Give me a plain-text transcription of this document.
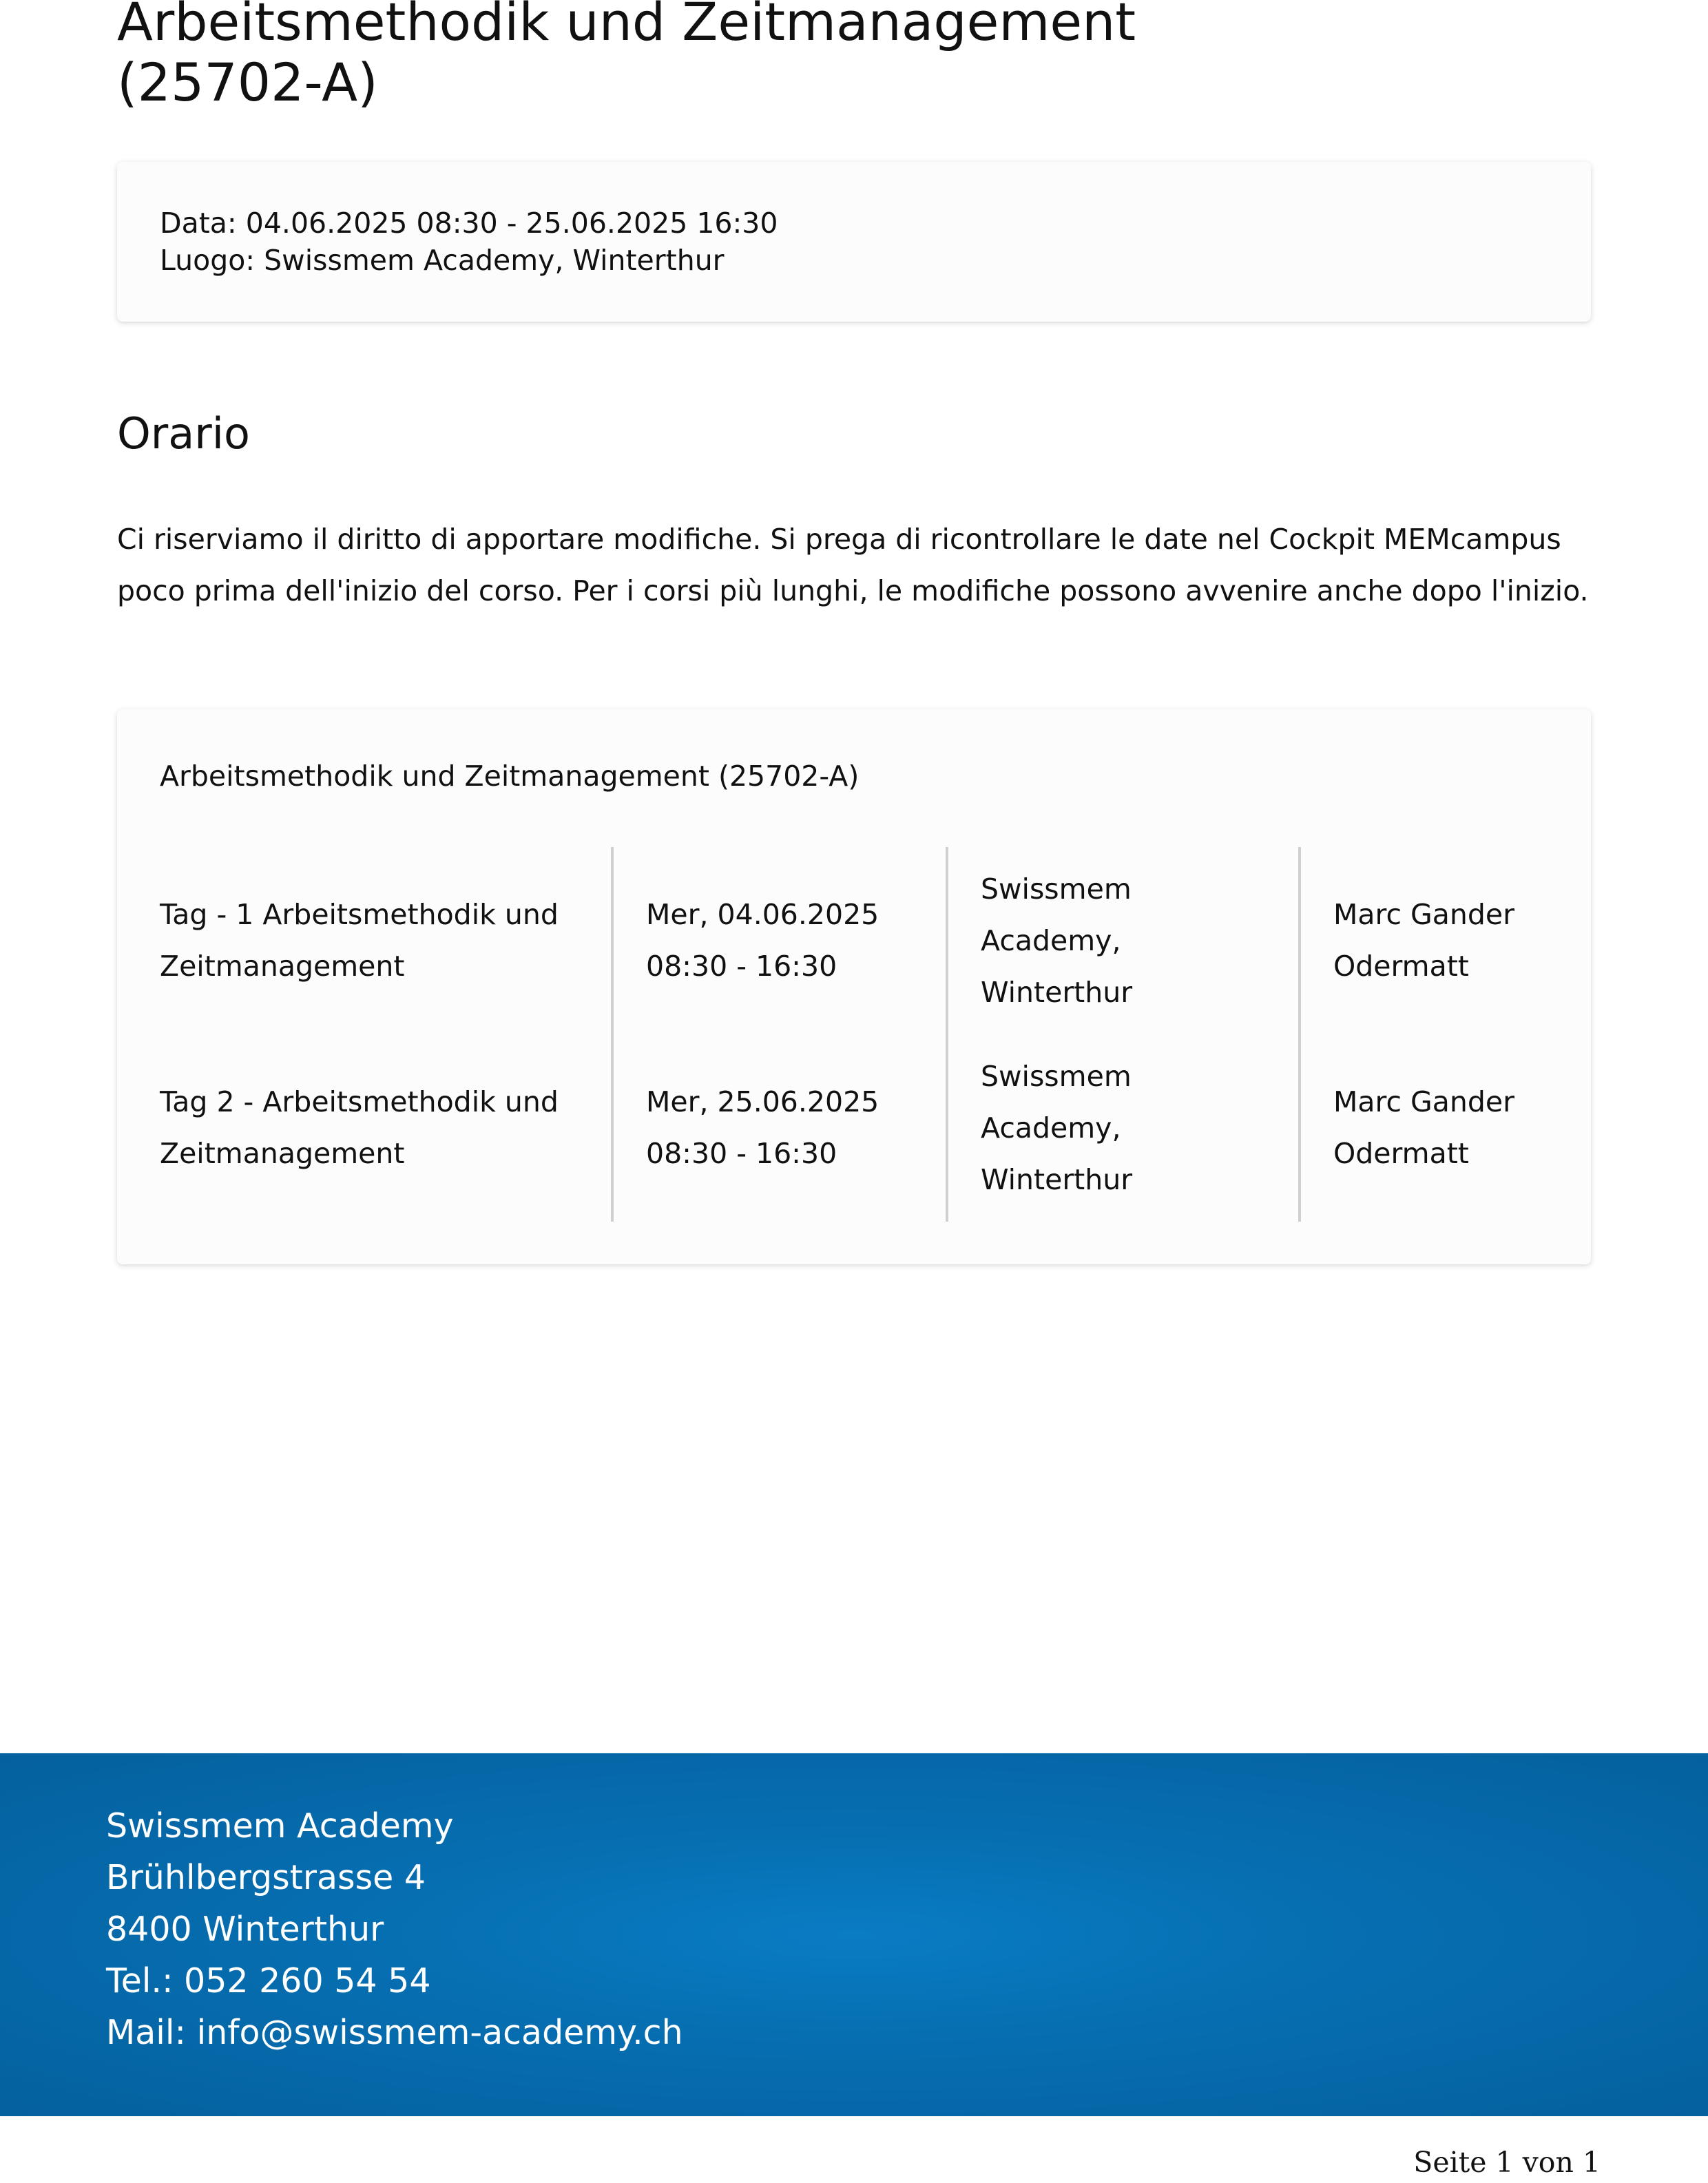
Arbeitsmethodik und Zeitmanagement
(25702-A)
Data: 04.06.2025 08:30 - 25.06.2025 16:30
Luogo: Swissmem Academy, Winterthur
Orario

Ci riserviamo il diritto di apportare modifiche. Si prega di ricontrollare le date nel Cockpit MEMcampus poco prima dell'inizio del corso. Per i corsi più lunghi, le modifiche possono avvenire anche dopo l'inizio.

Arbeitsmethodik und Zeitmanagement (25702-A)
Tag - 1 Arbeitsmethodik und
Zeitmanagement
Mer, 04.06.2025
08:30 - 16:30
Swissmem
Academy,
Winterthur
Marc Gander
Odermatt
Tag 2 - Arbeitsmethodik und
Zeitmanagement
Mer, 25.06.2025
08:30 - 16:30
Swissmem
Academy,
Winterthur
Marc Gander
Odermatt
Swissmem Academy
Brühlbergstrasse 4
8400 Winterthur
Tel.: 052 260 54 54
Mail: info@swissmem-academy.ch
Seite 1 von 1
